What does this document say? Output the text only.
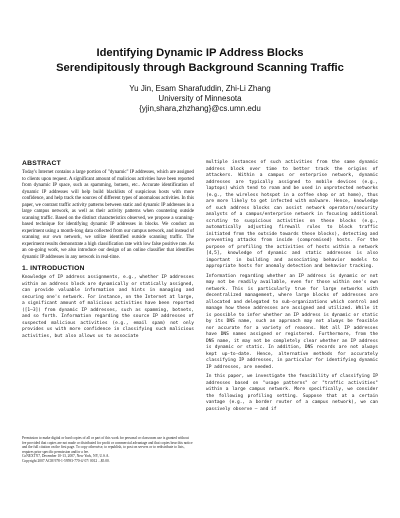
Identifying Dynamic IP Address Blocks
Serendipitously through Background Scanning Traffic
Yu Jin, Esam Sharafuddin, Zhi-Li Zhang
University of Minnesota
{yjin,shara,zhzhang}@cs.umn.edu
ABSTRACT

Today's Internet contains a large portion of "dynamic" IP addresses, which are assigned to clients upon request. A significant amount of malicious activities have been reported from dynamic IP space, such as spamming, botnets, etc.. Accurate identification of dynamic IP addresses will help build blacklists of suspicious hosts with more confidence, and help track the sources of different types of anomalous activities. In this paper, we contrast traffic activity patterns between static and dynamic IP addresses in a large campus network, as well as their activity patterns when countering outside scanning traffic. Based on the distinct characteristics observed, we propose a scanning-based technique for identifying dynamic IP addresses in blocks. We conduct an experiment using a month-long data collected from our campus network, and instead of scanning our own network, we utilize identified outside scanning traffic. The experiment results demonstrate a high classification rate with low false positive rate. As an on-going work, we also introduce our design of an online classifier that identifies dynamic IP addresses in any network in real-time.

1. INTRODUCTION

Knowledge of IP address assignments, e.g., whether IP addresses within an address block are dynamically or statically assigned, can provide valuable information and hints in managing and securing one's network. For instance, on the Internet at large, a significant amount of malicious activities have been reported ([1–3]) from dynamic IP addresses, such as spamming, botnets, and so forth. Information regarding the source IP addresses of suspected malicious activities (e.g., email spam) not only provides us with more confidence in classifying such malicious activities, but also allows us to associate

multiple instances of such activities from the same dynamic address block over time to better track the origins of attackers. Within a campus or enterprise network, dynamic addresses are typically assigned to mobile devices (e.g., laptops) which tend to roam and be used in unprotected networks (e.g., the wireless hotspot in a coffee shop or at home), thus are more likely to get infected with malware. Hence, knowledge of such address blocks can assist network operators/security analysts of a campus/enterprise network in focusing additional scrutiny to suspicious activities on these blocks (e.g., automatically adjusting firewall rules to block traffic initiated from the outside towards these blocks), detecting and preventing attacks from inside (compromised) hosts. For the purpose of profiling the activities of hosts within a network [4,5], knowledge of dynamic and static addresses is also important in building and associating behavior models to appropriate hosts for anomaly detection and behavior tracking.

Information regarding whether an IP address is dynamic or not may not be readily available, even for those within one's own network. This is particularly true for large networks with decentralized management, where large blocks of addresses are allocated and delegated to sub-organizations which control and manage how these addresses are assigned and utilized. While it is possible to infer whether an IP address is dynamic or static by its DNS name, such an approach may not always be feasible nor accurate for a variety of reasons. Not all IP addresses have DNS names assigned or registered. Furthermore, from the DNS name, it may not be completely clear whether an IP address is dynamic or static. In addition, DNS records are not always kept up-to-date. Hence, alternative methods for accurately classifying IP addresses, in particular for identifying dynamic IP addresses, are needed.

In this paper, we investigate the feasibility of classifying IP addresses based on "usage patterns" or "traffic activities" within a large campus network. More specifically, we consider the following profiling setting. Suppose that at a certain vantage (e.g., a border router of a campus network), we can passively observe – and if

Permission to make digital or hard copies of all or part of this work for personal or classroom use is granted without fee provided that copies are not made or distributed for profit or commercial advantage and that copies bear this notice and the full citation on the first page. To copy otherwise, to republish, to post on servers or to redistribute to lists, requires prior specific permission and/or a fee.

CoNEXT'07, December 10-13, 2007, New York, NY, U.S.A.

Copyright 2007 ACM 978-1-59593-770-4/ 07/ 0012 ...$5.00.
